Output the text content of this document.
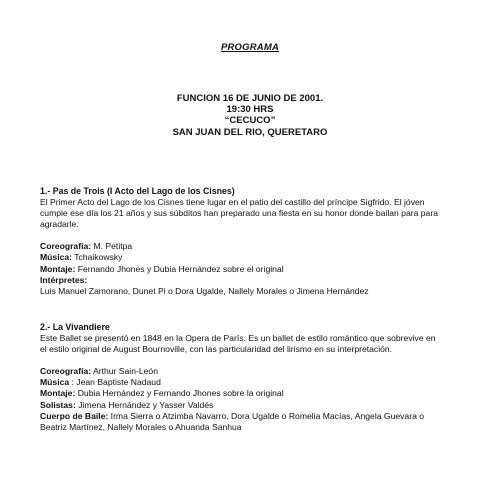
PROGRAMA
FUNCION 16 DE JUNIO DE 2001.
19:30 HRS
“CECUCO”
SAN JUAN DEL RIO, QUERETARO
1.- Pas de Trois (I Acto del Lago de los Cisnes)
El Primer Acto del Lago de los Cisnes tiene lugar en el patio del castillo del príncipe Sigfrido. El jóven
cumple ese día los 21 años y sus súbditos han preparado una fiesta en su honor donde bailan para para
agradarle.
Coreografía: M. Petitpa
Música: Tchaikowsky
Montaje: Fernando Jhones y Dubia Hernández sobre el original
Intérpretes:
Luis Manuel Zamorano, Dunet Pi o Dora Ugalde, Nallely Morales o Jimena Hernández
2.- La Vivandiere
Este Ballet se presentó en 1848 en la Opera de París. Es un ballet de estilo romántico que sobrevive en
el estilo original de August Bournoville, con las particularidad del lirismo en su interpretación.
Coreografía: Arthur Sain-León
Música : Jean Baptiste Nadaud
Montaje: Dubia Hernández y Fernando Jhones sobre la original
Solistas: Jimena Hernández y Yasser Valdés
Cuerpo de Baile: Irma Sierra o Atzimba Navarro, Dora Ugalde o Romelia Macías, Angela Guevara o
Beatriz Martínez, Nallely Morales o Ahuanda Sanhua
